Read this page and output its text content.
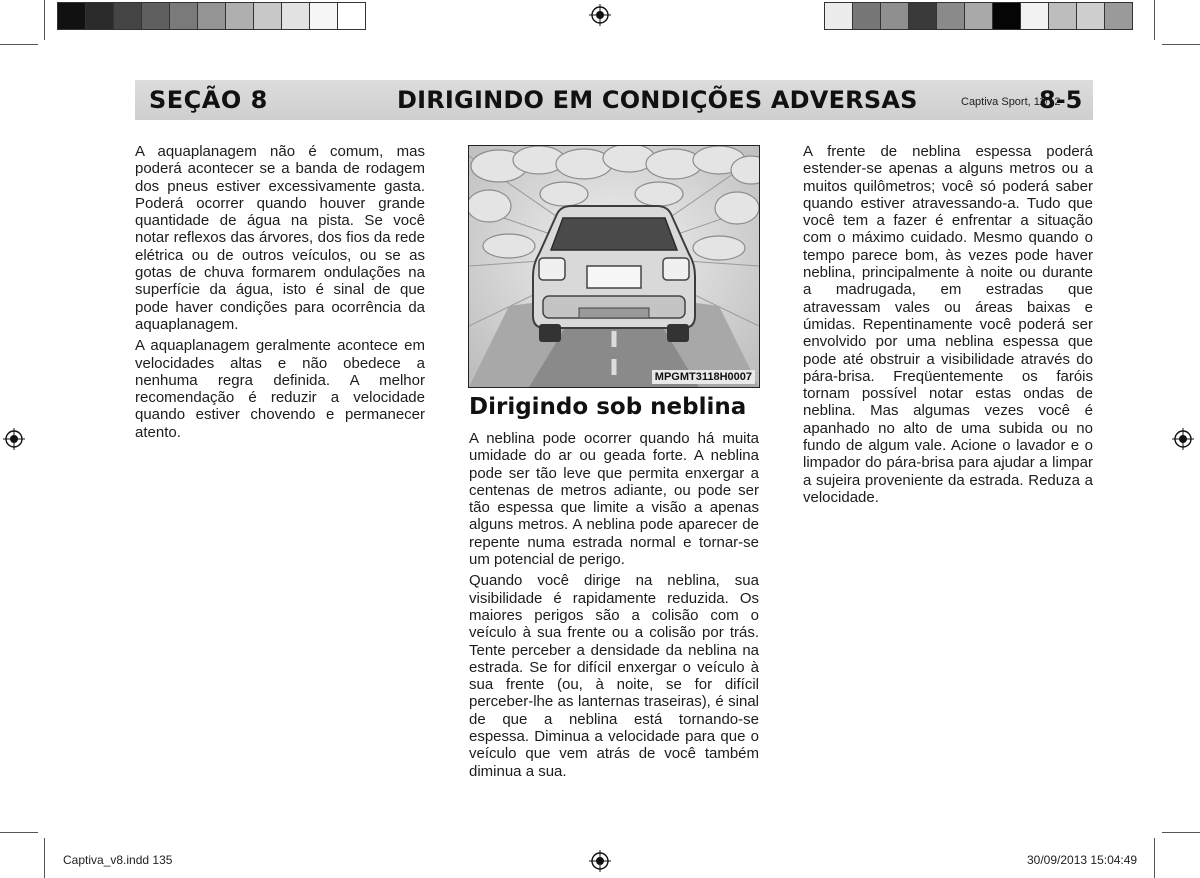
SEÇÃO 8	DIRIGINDO EM CONDIÇÕES ADVERSAS	Captiva Sport, 11/12
8-5

A aquaplanagem não é comum, mas poderá acontecer se a banda de rodagem dos pneus estiver excessivamente gasta. Poderá ocorrer quando houver grande quantidade de água na pista. Se você notar reflexos das árvores, dos fios da rede elétrica ou de outros veículos, ou se as gotas de chuva formarem ondulações na superfície da água, isto é sinal de que pode haver condições para ocorrência da aquaplanagem.

A aquaplanagem geralmente acontece em velocidades altas e não obedece a nenhuma regra definida. A melhor recomendação é reduzir a velocidade quando estiver chovendo e permanecer atento.

MPGMT3118H0007
Dirigindo sob neblina

A neblina pode ocorrer quando há muita umidade do ar ou geada forte. A neblina pode ser tão leve que permita enxergar a centenas de metros adiante, ou pode ser tão espessa que limite a visão a apenas alguns metros. A neblina pode aparecer de repente numa estrada normal e tornar-se um potencial de perigo.

Quando você dirige na neblina, sua visibilidade é rapidamente reduzida. Os maiores perigos são a colisão com o veículo à sua frente ou a colisão por trás. Tente perceber a densidade da neblina na estrada. Se for difícil enxergar o veículo à sua frente (ou, à noite, se for difícil perceber-lhe as lanternas traseiras), é sinal de que a neblina está tornando-se espessa. Diminua a velocidade para que o veículo que vem atrás de você também diminua a sua.

A frente de neblina espessa poderá estender-se apenas a alguns metros ou a muitos quilômetros; você só poderá saber quando estiver atravessando-a. Tudo que você tem a fazer é enfrentar a situação com o máximo cuidado. Mesmo quando o tempo parece bom, às vezes pode haver neblina, principalmente à noite ou durante a madrugada, em estradas que atravessam vales ou áreas baixas e úmidas. Repentinamente você poderá ser envolvido por uma neblina espessa que pode até obstruir a visibilidade através do pára-brisa. Freqüentemente os faróis tornam possível notar estas ondas de neblina. Mas algumas vezes você é apanhado no alto de uma subida ou no fundo de algum vale. Acione o lavador e o limpador do pára-brisa para ajudar a limpar a sujeira proveniente da estrada. Reduza a velocidade.

Captiva_v8.indd 135	30/09/2013 15:04:49
